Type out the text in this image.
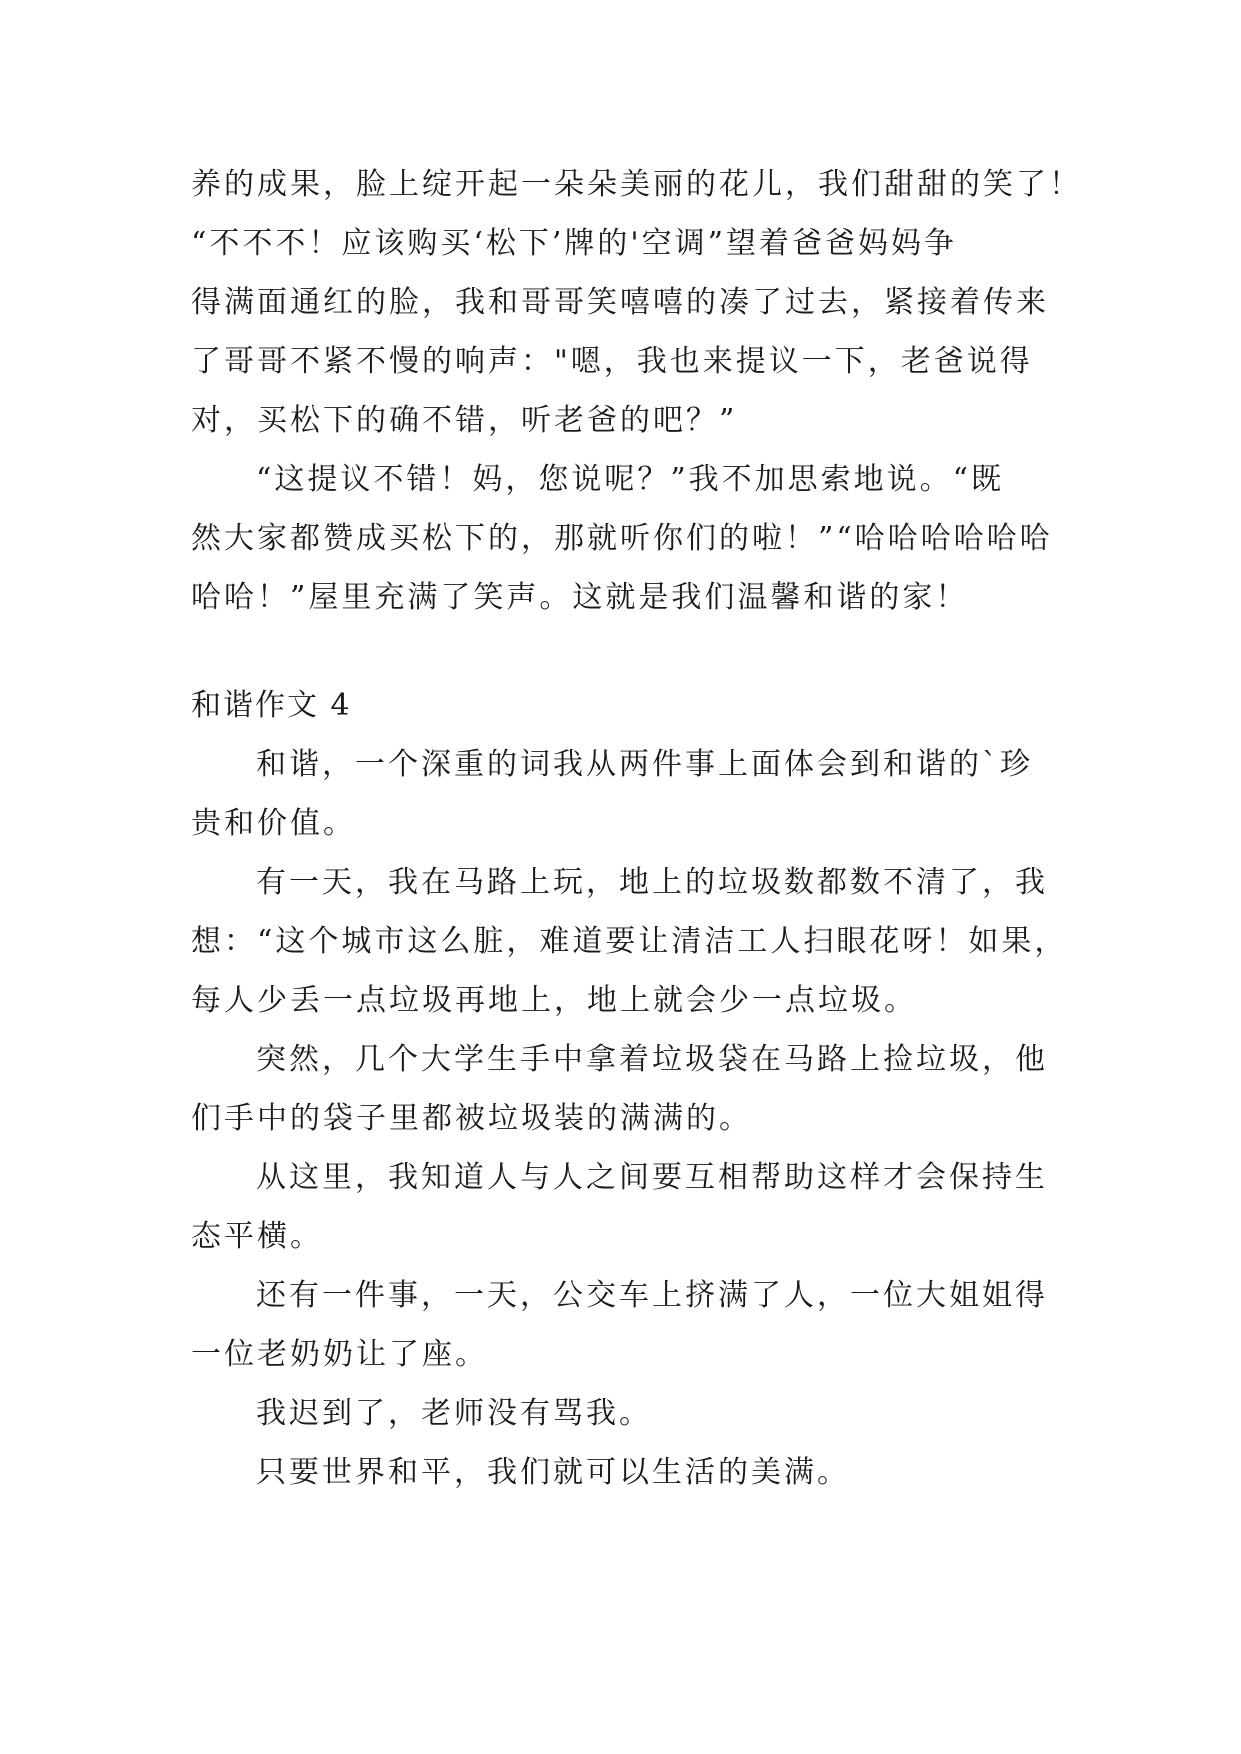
养的成果，脸上绽开起一朵朵美丽的花儿，我们甜甜的笑了！

“不不不！应该购买‘松下’牌的'空调”望着爸爸妈妈争

得满面通红的脸，我和哥哥笑嘻嘻的凑了过去，紧接着传来

了哥哥不紧不慢的响声："嗯，我也来提议一下，老爸说得

对，买松下的确不错，听老爸的吧？”

“这提议不错！妈，您说呢？”我不加思索地说。“既

然大家都赞成买松下的，那就听你们的啦！”“哈哈哈哈哈哈

哈哈！”屋里充满了笑声。这就是我们温馨和谐的家！

和谐作文 4

和谐，一个深重的词我从两件事上面体会到和谐的`珍

贵和价值。

有一天，我在马路上玩，地上的垃圾数都数不清了，我

想：“这个城市这么脏，难道要让清洁工人扫眼花呀！如果，

每人少丢一点垃圾再地上，地上就会少一点垃圾。

突然，几个大学生手中拿着垃圾袋在马路上捡垃圾，他

们手中的袋子里都被垃圾装的满满的。

从这里，我知道人与人之间要互相帮助这样才会保持生

态平横。

还有一件事，一天，公交车上挤满了人，一位大姐姐得

一位老奶奶让了座。

我迟到了，老师没有骂我。

只要世界和平，我们就可以生活的美满。
